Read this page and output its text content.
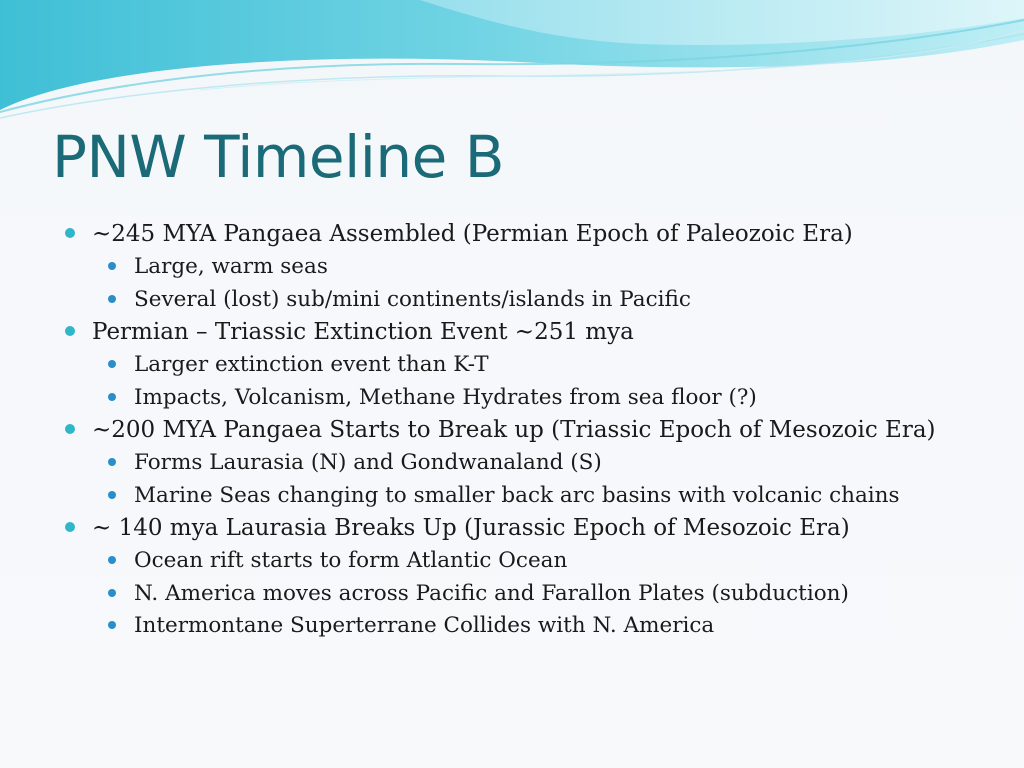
PNW Timeline B
~245 MYA Pangaea Assembled (Permian Epoch of Paleozoic Era)
Large, warm seas
Several (lost) sub/mini continents/islands in Pacific
Permian – Triassic Extinction Event ~251 mya
Larger extinction event than K-T
Impacts, Volcanism, Methane Hydrates from sea floor (?)
~200 MYA Pangaea Starts to Break up (Triassic Epoch of Mesozoic Era)
Forms Laurasia (N) and Gondwanaland (S)
Marine Seas changing to smaller back arc basins with volcanic chains
~ 140 mya Laurasia Breaks Up (Jurassic Epoch of Mesozoic Era)
Ocean rift starts to form Atlantic Ocean
N. America moves across Pacific and Farallon Plates (subduction)
Intermontane Superterrane Collides with N. America
